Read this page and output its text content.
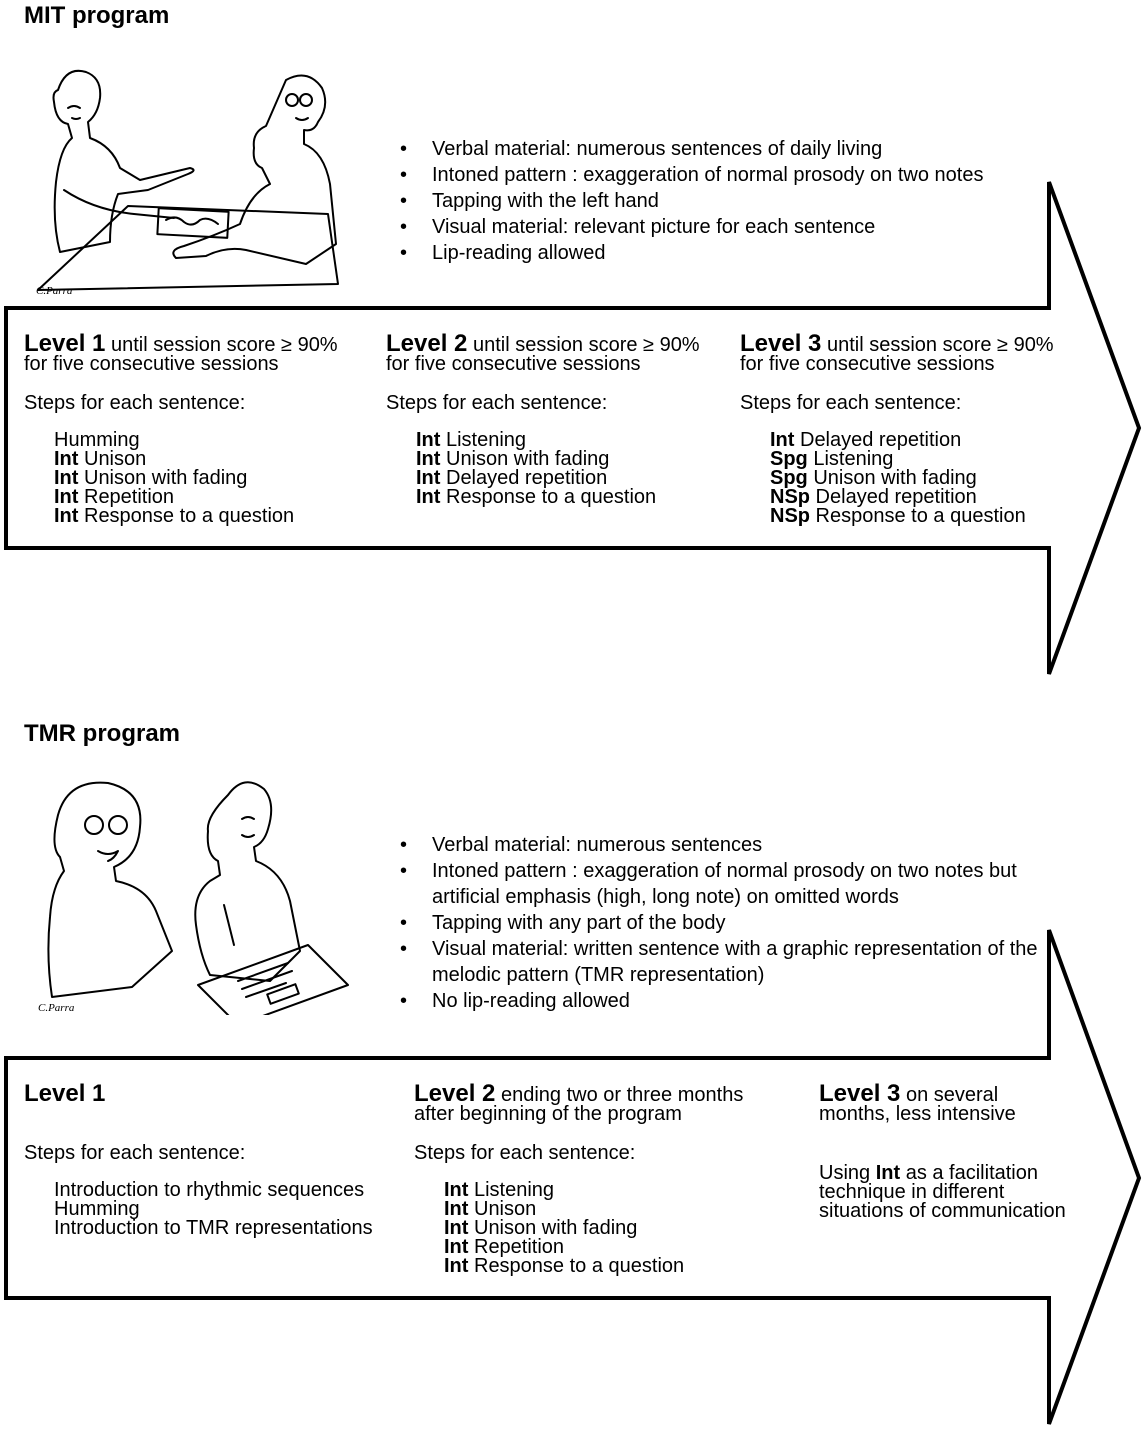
MIT program
C.Parra
• Verbal material: numerous sentences of daily living
• Intoned pattern : exaggeration of normal prosody on two notes
• Tapping with the left hand
• Visual material: relevant picture for each sentence
• Lip-reading allowed

Level 1 until session score ≥ 90%

for five consecutive sessions

Steps for each sentence:

Humming
Int Unison
Int Unison with fading
Int Repetition
Int Response to a question

Level 2 until session score ≥ 90%

for five consecutive sessions

Steps for each sentence:

Int Listening
Int Unison with fading
Int Delayed repetition
Int Response to a question

Level 3 until session score ≥ 90%

for five consecutive sessions

Steps for each sentence:

Int Delayed repetition
Spg Listening
Spg Unison with fading
NSp Delayed repetition
NSp Response to a question
TMR program
C.Parra
• Verbal material: numerous sentences
• Intoned pattern : exaggeration of normal prosody on two notes but artificial emphasis (high, long note) on omitted words
• Tapping with any part of the body
• Visual material: written sentence with a graphic representation of the melodic pattern (TMR representation)
• No lip-reading allowed

Level 1

Steps for each sentence:

Introduction to rhythmic sequences
Humming
Introduction to TMR representations

Level 2 ending two or three months

after beginning of the program

Steps for each sentence:

Int Listening
Int Unison
Int Unison with fading
Int Repetition
Int Response to a question

Level 3 on several

months, less intensive

Using Int as a facilitation

technique in different

situations of communication
